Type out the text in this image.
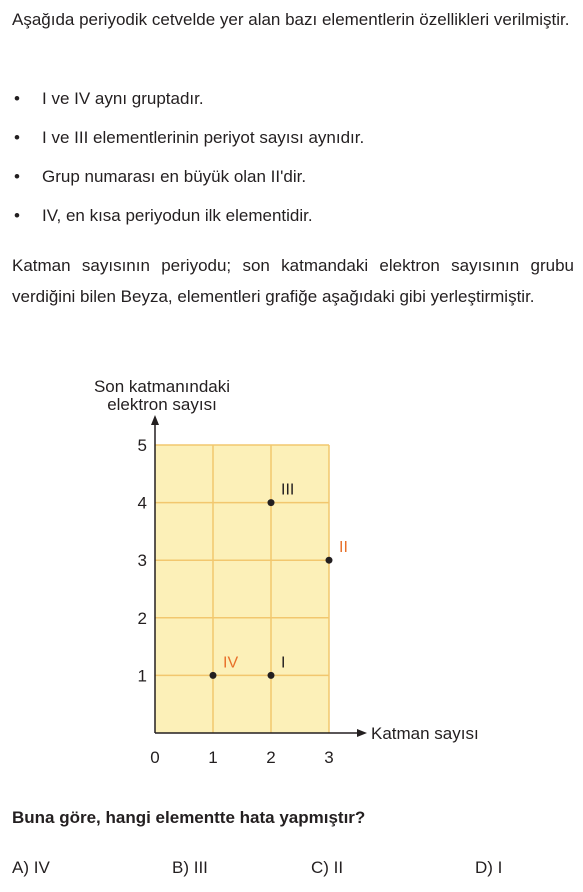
Aşağıda periyodik cetvelde yer alan bazı elementlerin özellikleri verilmiştir.

• I ve IV aynı gruptadır.
• I ve III elementlerinin periyot sayısı aynıdır.
• Grup numarası en büyük olan II'dir.
• IV, en kısa periyodun ilk elementidir.

Katman sayısının periyodu; son katmandaki elektron sayısının grubu verdiğini bilen Beyza, elementleri grafiğe aşağıdaki gibi yerleştirmiştir.

Son katmanındaki
elektron sayısı
Katman sayısı
1
2
3
4
5
1	2	3
0
IV	I
III
II

Buna göre, hangi elementte hata yapmıştır?

A) IV	B) III	C) II	D) I
